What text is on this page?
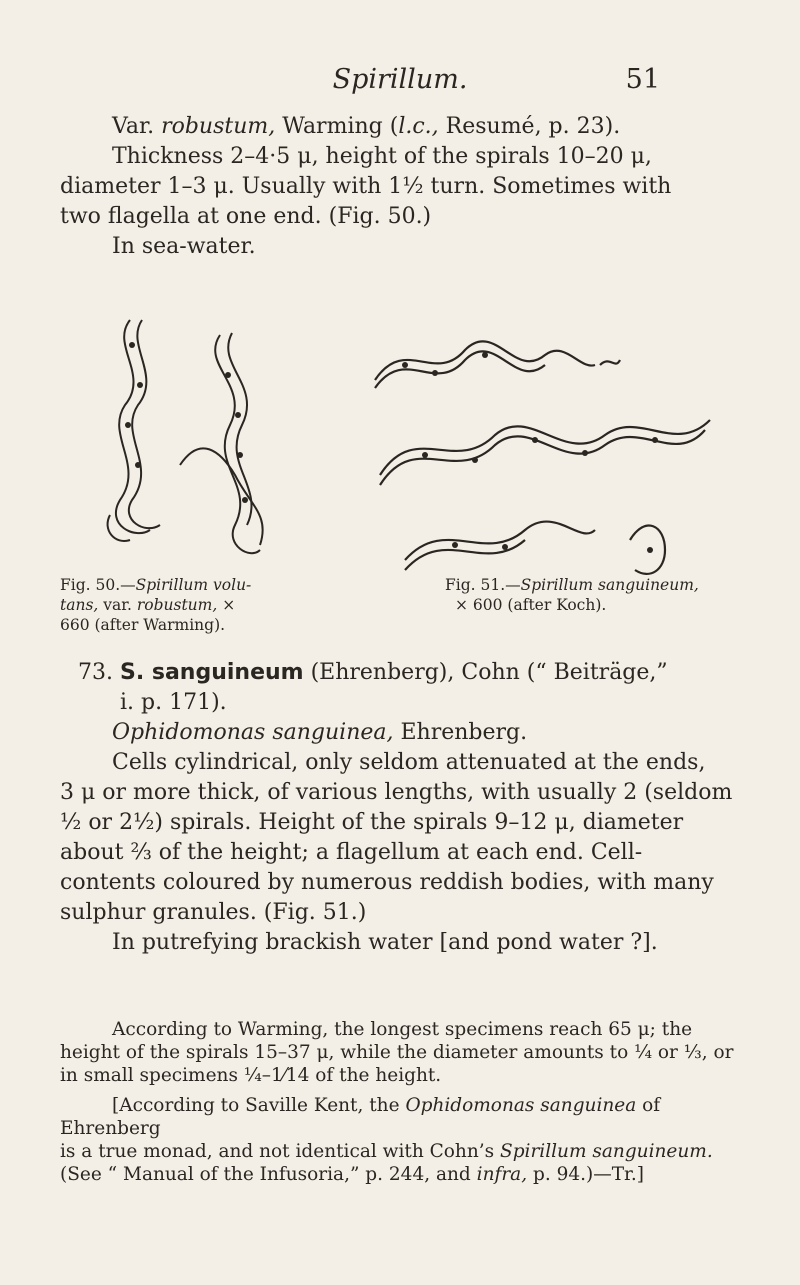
Spirillum.	51

Var. robustum, Warming (l.c., Resumé, p. 23).

Thickness 2–4·5 μ, height of the spirals 10–20 μ,

diameter 1–3 μ. Usually with 1½ turn. Sometimes with

two flagella at one end. (Fig. 50.)

In sea-water.

Fig. 50.—Spirillum volu-
tans, var. robustum, ×
660 (after Warming).
Fig. 51.—Spirillum sanguineum,
× 600 (after Koch).

73. S. sanguineum (Ehrenberg), Cohn (“ Beiträge,”

i. p. 171).

Ophidomonas sanguinea, Ehrenberg.

Cells cylindrical, only seldom attenuated at the ends,

3 μ or more thick, of various lengths, with usually 2 (seldom

½ or 2½) spirals. Height of the spirals 9–12 μ, diameter

about ⅔ of the height; a flagellum at each end. Cell-

contents coloured by numerous reddish bodies, with many

sulphur granules. (Fig. 51.)

In putrefying brackish water [and pond water ?].

According to Warming, the longest specimens reach 65 μ; the

height of the spirals 15–37 μ, while the diameter amounts to ¼ or ⅓, or

in small specimens ¼–1⁄14 of the height.

[According to Saville Kent, the Ophidomonas sanguinea of Ehrenberg

is a true monad, and not identical with Cohn’s Spirillum sanguineum.

(See “ Manual of the Infusoria,” p. 244, and infra, p. 94.)—Tr.]
